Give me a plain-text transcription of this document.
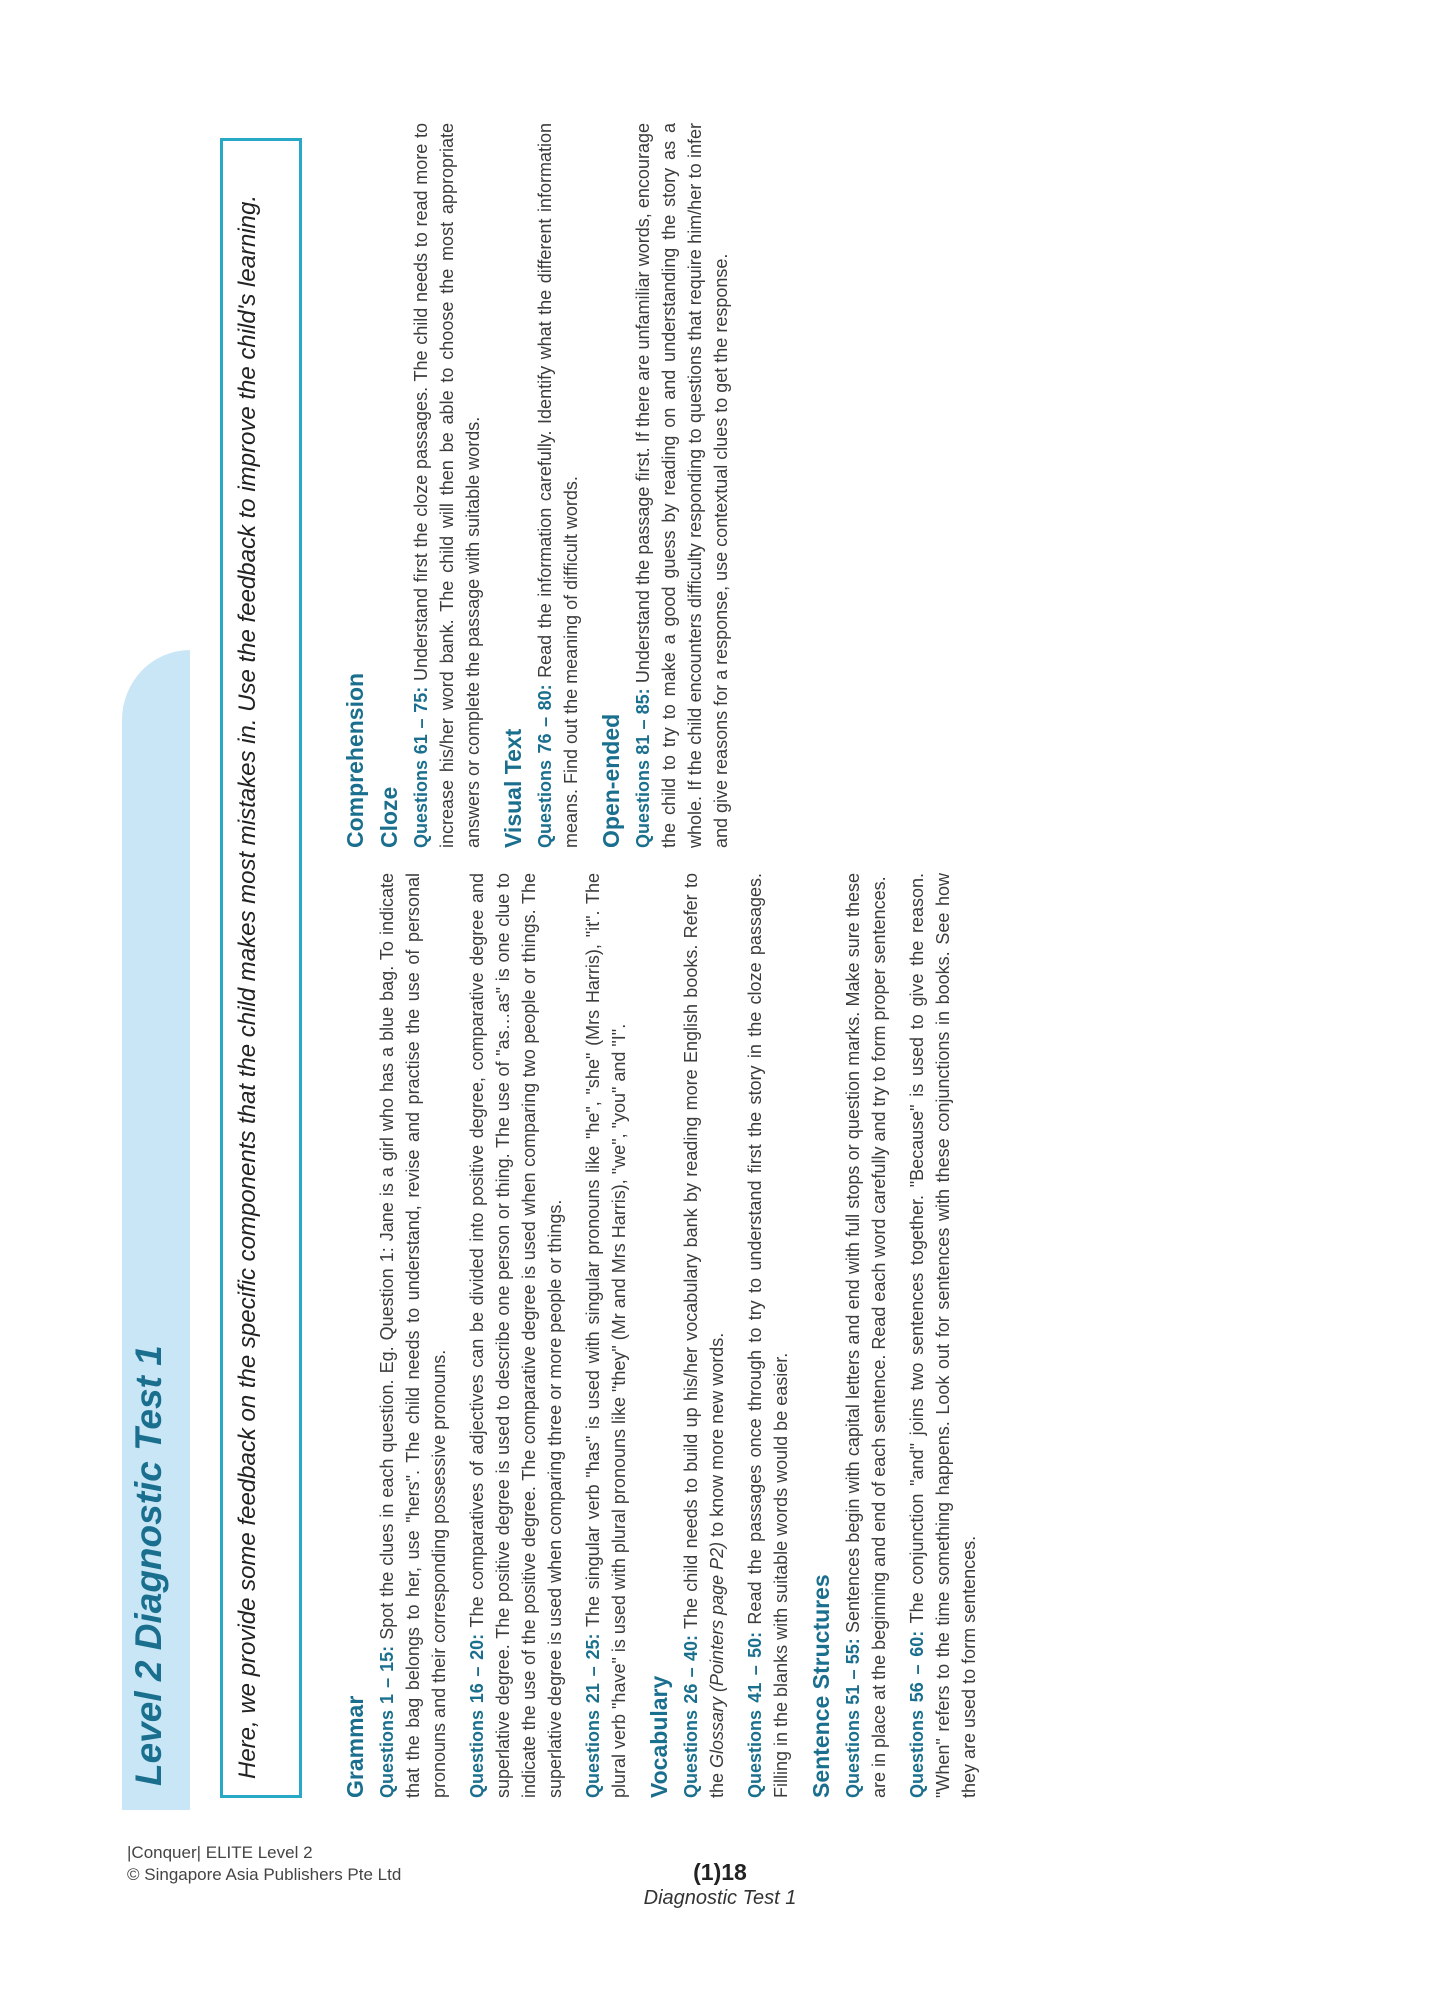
Level 2 Diagnostic Test 1	Here, we provide some feedback on the specific components that the child makes most mistakes in. Use the feedback to improve the child's learning.	Grammar Questions 1 – 15: Spot the clues in each question. Eg. Question 1: Jane is a girl who has a blue bag. To indicate that the bag belongs to her, use "hers". The child needs to understand, revise and practise the use of personal pronouns and their corresponding possessive pronouns. Questions 16 – 20: The comparatives of adjectives can be divided into positive degree, comparative degree and superlative degree. The positive degree is used to describe one person or thing. The use of "as…as" is one clue to indicate the use of the positive degree. The comparative degree is used when comparing two people or things. The superlative degree is used when comparing three or more people or things. Questions 21 – 25: The singular verb "has" is used with singular pronouns like "he", "she" (Mrs Harris), "it". The plural verb "have" is used with plural pronouns like "they" (Mr and Mrs Harris), "we", "you" and "I". Vocabulary Questions 26 – 40: The child needs to build up his/her vocabulary bank by reading more English books. Refer to the Glossary (Pointers page P2) to know more new words.

Questions 41 – 50: Read the passages once through to try to understand first the story in the cloze passages. Filling in the blanks with suitable words would be easier. Sentence Structures Questions 51 – 55: Sentences begin with capital letters and end with full stops or question marks. Make sure these are in place at the beginning and end of each sentence. Read each word carefully and try to form proper sentences. Questions 56 – 60: The conjunction "and" joins two sentences together. "Because" is used to give the reason. "When" refers to the time something happens. Look out for sentences with these conjunctions in books. See how they are used to form sentences.

Comprehension Cloze Questions 61 – 75: Understand first the cloze passages. The child needs to read more to increase his/her word bank. The child will then be able to choose the most appropriate answers or complete the passage with suitable words. Visual Text Questions 76 – 80: Read the information carefully. Identify what the different information means. Find out the meaning of difficult words. Open-ended Questions 81 – 85: Understand the passage first. If there are unfamiliar words, encourage the child to try to make a good guess by reading on and understanding the story as a whole. If the child encounters difficulty responding to questions that require him/her to infer and give reasons for a response, use contextual clues to get the response.

|Conquer| ELITE Level 2
© Singapore Asia Publishers Pte Ltd	(1)18
Diagnostic Test 1
